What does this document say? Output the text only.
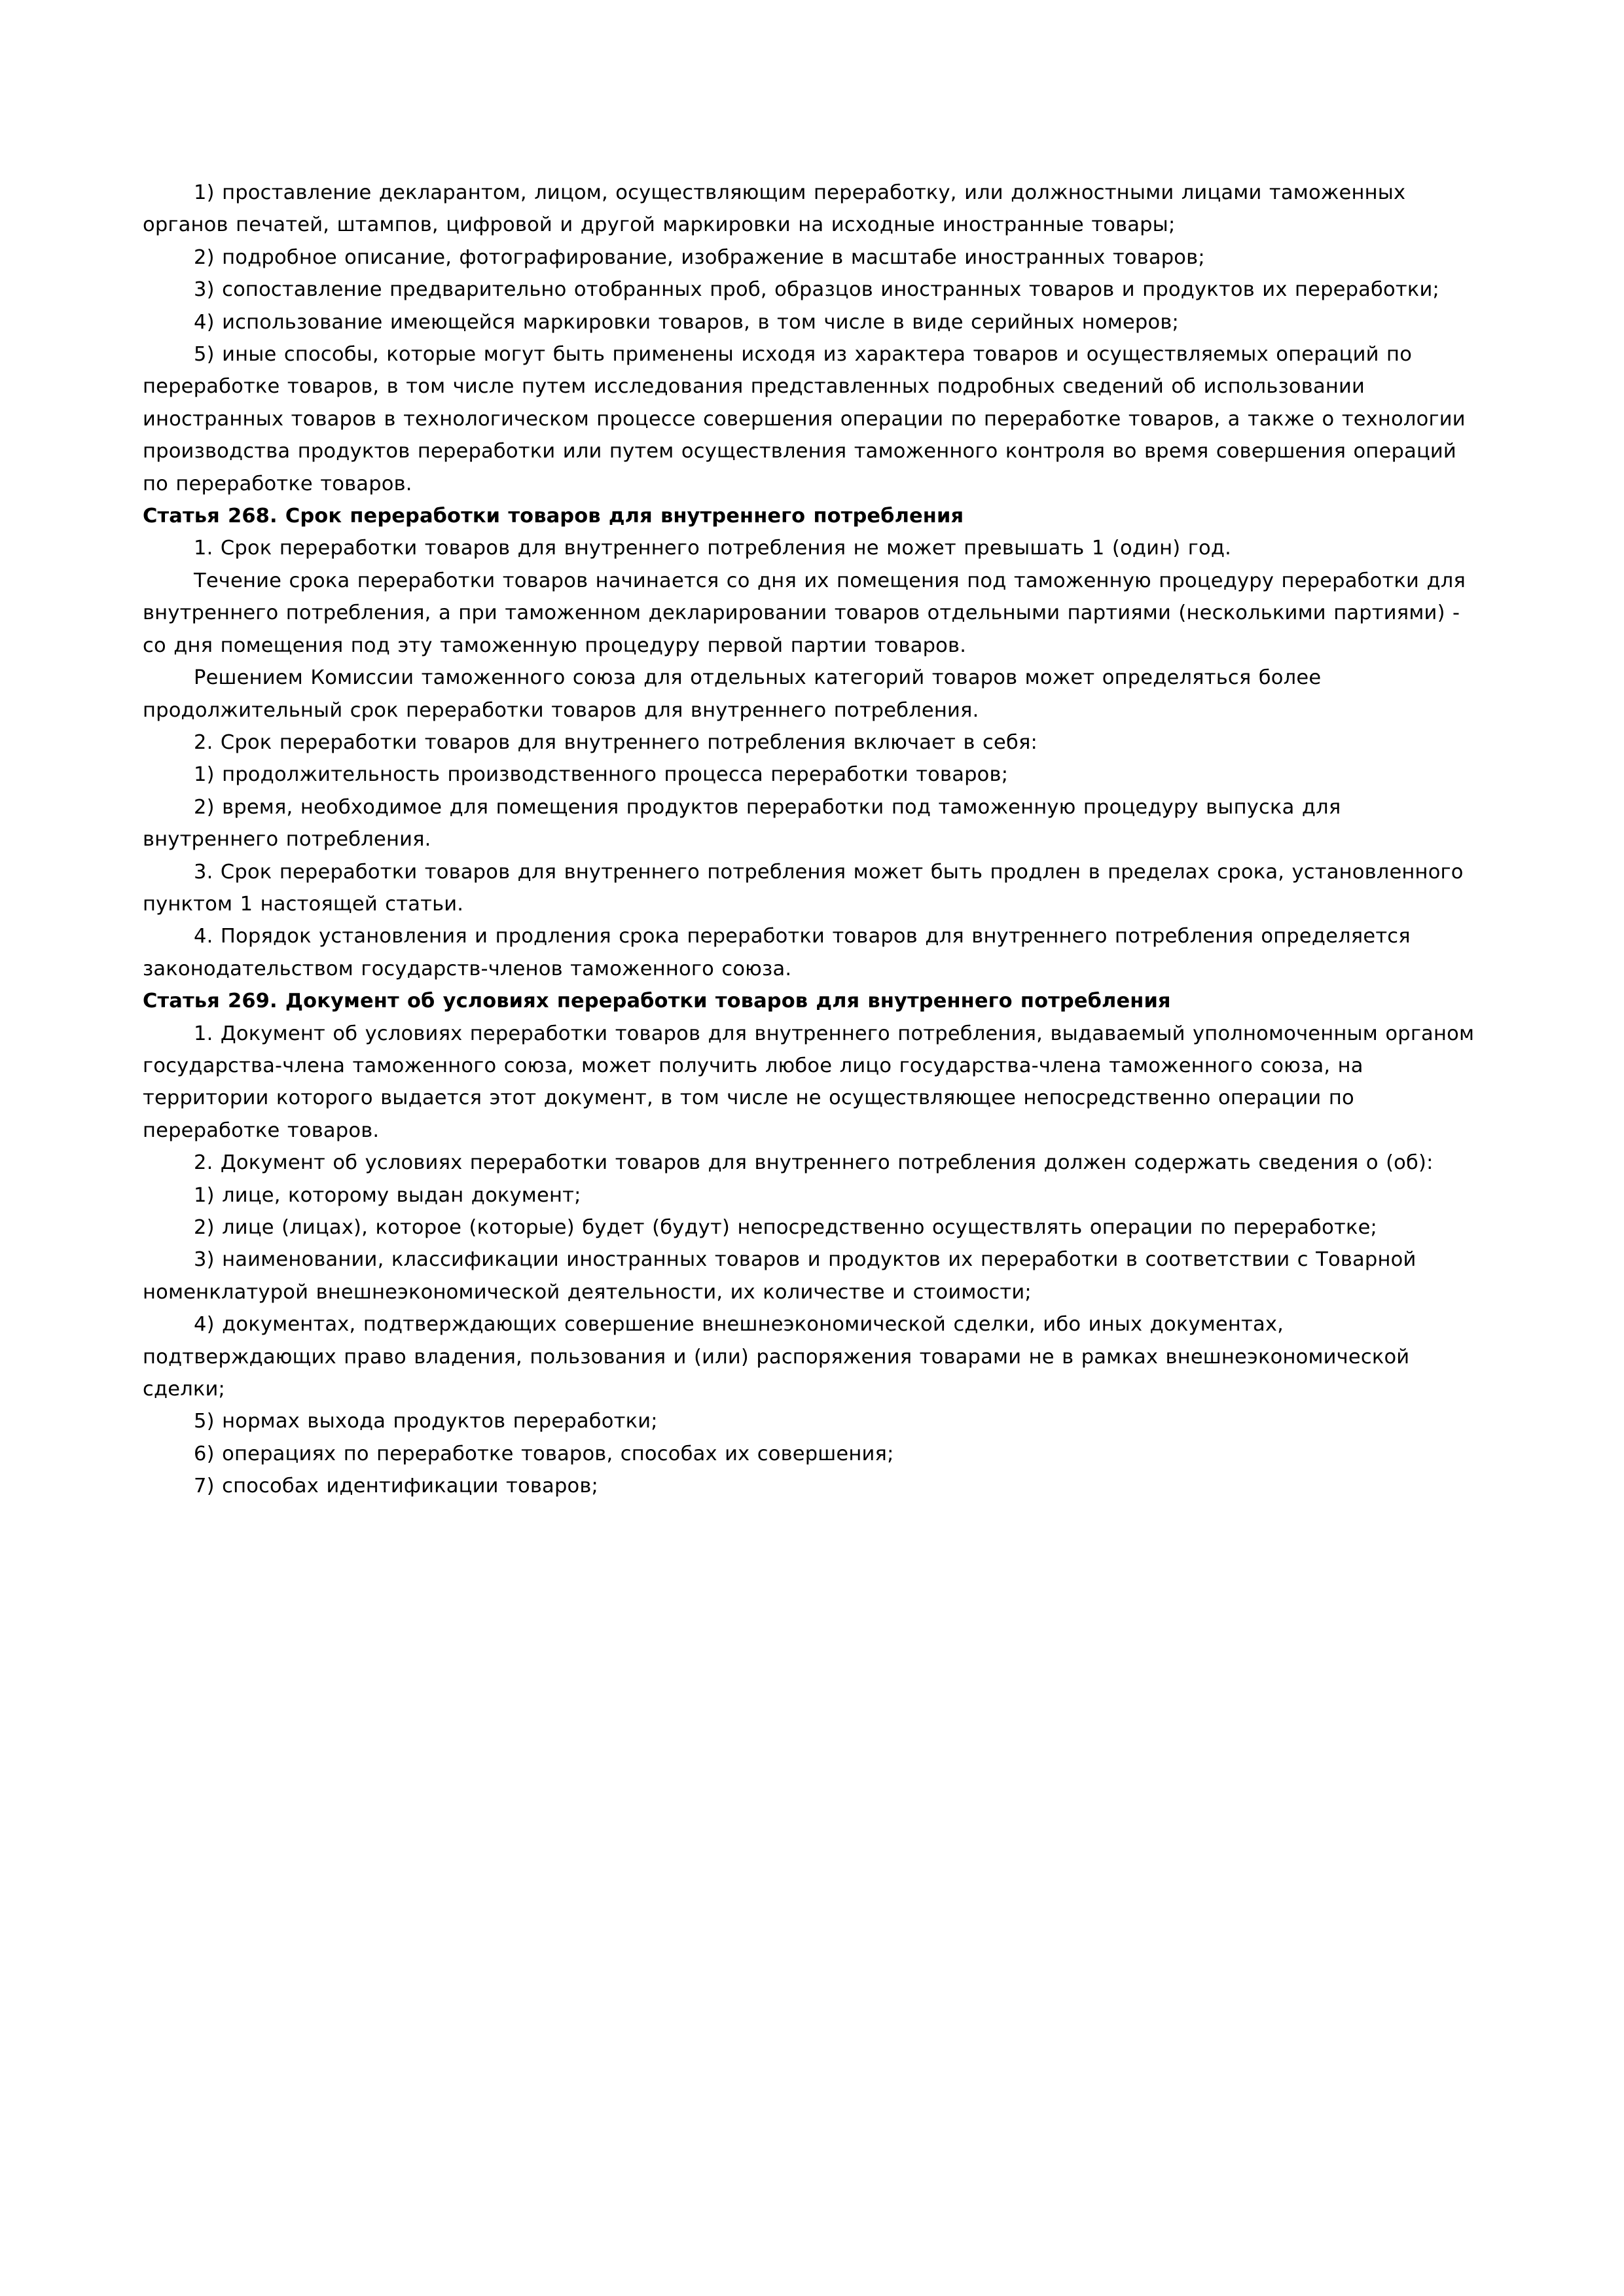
1) проставление декларантом, лицом, осуществляющим переработку, или должностными лицами таможенных органов печатей, штампов, цифровой и другой маркировки на исходные иностранные товары;

2) подробное описание, фотографирование, изображение в масштабе иностранных товаров;

3) сопоставление предварительно отобранных проб, образцов иностранных товаров и продуктов их переработки;

4) использование имеющейся маркировки товаров, в том числе в виде серийных номеров;

5) иные способы, которые могут быть применены исходя из характера товаров и осуществляемых операций по переработке товаров, в том числе путем исследования представленных подробных сведений об использовании иностранных товаров в технологическом процессе совершения операции по переработке товаров, а также о технологии производства продуктов переработки или путем осуществления таможенного контроля во время совершения операций по переработке товаров.

Статья 268. Срок переработки товаров для внутреннего потребления

1. Срок переработки товаров для внутреннего потребления не может превышать 1 (один) год.

Течение срока переработки товаров начинается со дня их помещения под таможенную процедуру переработки для внутреннего потребления, а при таможенном декларировании товаров отдельными партиями (несколькими партиями) - со дня помещения под эту таможенную процедуру первой партии товаров.

Решением Комиссии таможенного союза для отдельных категорий товаров может определяться более продолжительный срок переработки товаров для внутреннего потребления.

2. Срок переработки товаров для внутреннего потребления включает в себя:

1) продолжительность производственного процесса переработки товаров;

2) время, необходимое для помещения продуктов переработки под таможенную процедуру выпуска для внутреннего потребления.

3. Срок переработки товаров для внутреннего потребления может быть продлен в пределах срока, установленного пунктом 1 настоящей статьи.

4. Порядок установления и продления срока переработки товаров для внутреннего потребления определяется законодательством государств-членов таможенного союза.

Статья 269. Документ об условиях переработки товаров для внутреннего потребления

1. Документ об условиях переработки товаров для внутреннего потребления, выдаваемый уполномоченным органом государства-члена таможенного союза, может получить любое лицо государства-члена таможенного союза, на территории которого выдается этот документ, в том числе не осуществляющее непосредственно операции по переработке товаров.

2. Документ об условиях переработки товаров для внутреннего потребления должен содержать сведения о (об):

1) лице, которому выдан документ;

2) лице (лицах), которое (которые) будет (будут) непосредственно осуществлять операции по переработке;

3) наименовании, классификации иностранных товаров и продуктов их переработки в соответствии с Товарной номенклатурой внешнеэкономической деятельности, их количестве и стоимости;

4) документах, подтверждающих совершение внешнеэкономической сделки, ибо иных документах, подтверждающих право владения, пользования и (или) распоряжения товарами не в рамках внешнеэкономической сделки;

5) нормах выхода продуктов переработки;

6) операциях по переработке товаров, способах их совершения;

7) способах идентификации товаров;
